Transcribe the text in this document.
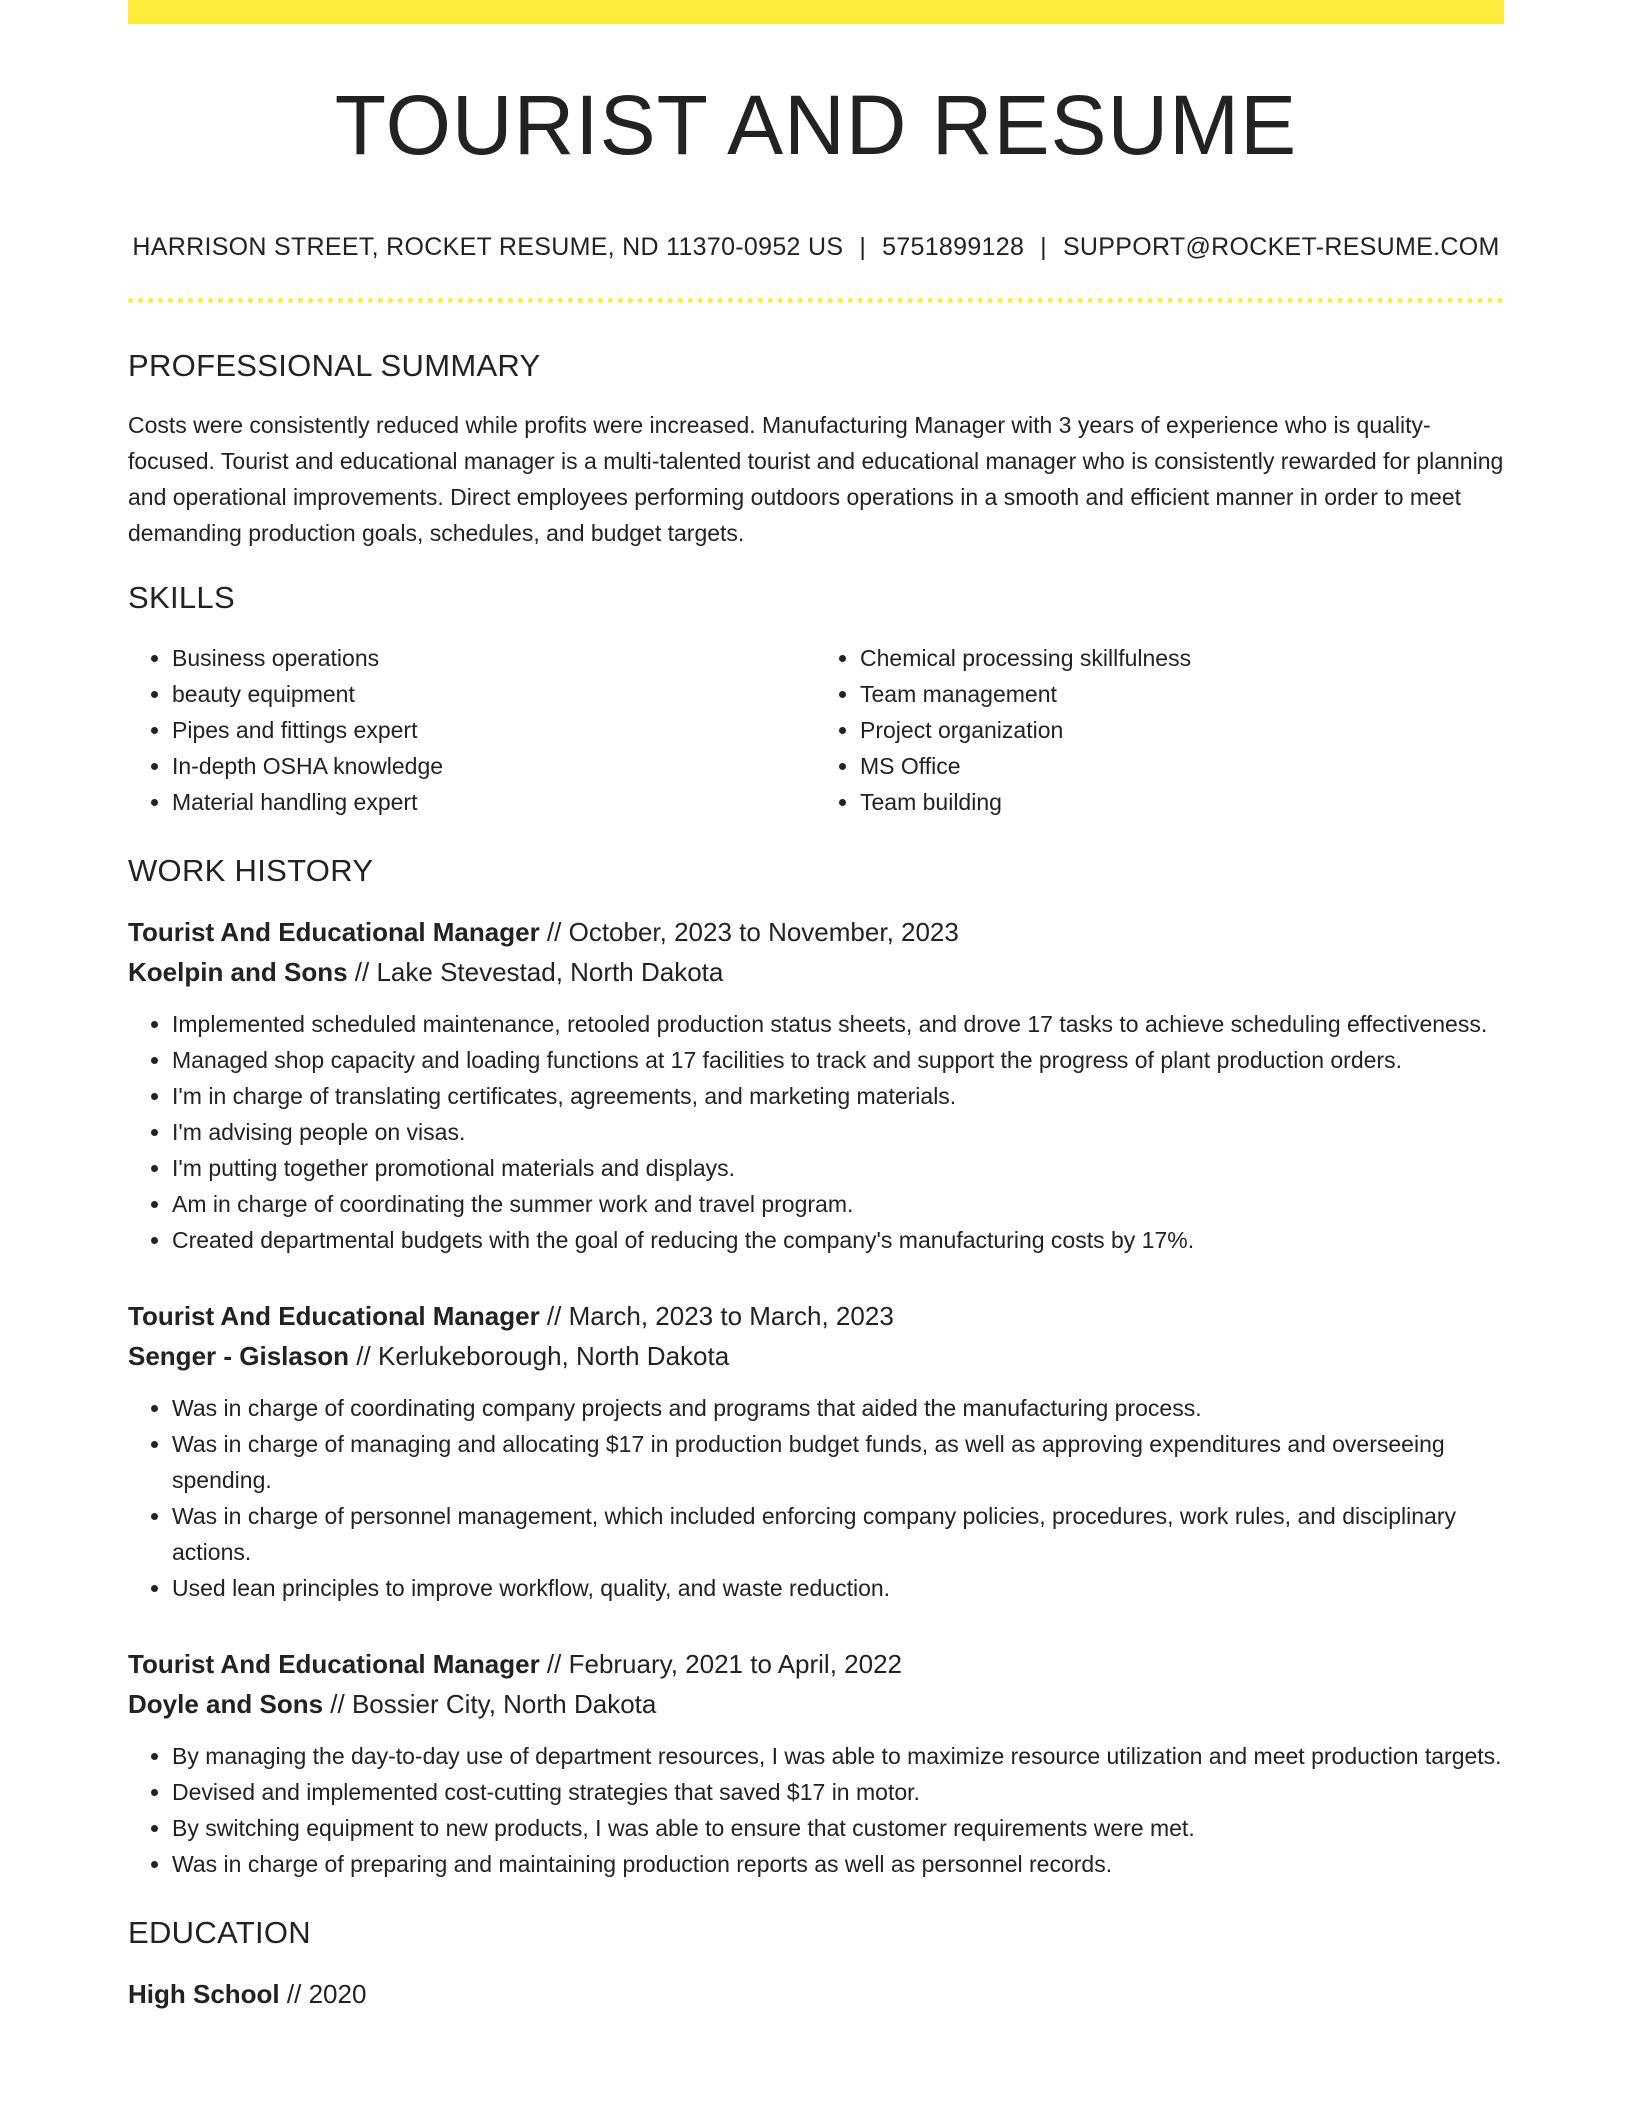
TOURIST AND RESUME
HARRISON STREET, ROCKET RESUME, ND 11370-0952 US | 5751899128 | SUPPORT@ROCKET-RESUME.COM
PROFESSIONAL SUMMARY
Costs were consistently reduced while profits were increased. Manufacturing Manager with 3 years of experience who is quality-focused. Tourist and educational manager is a multi-talented tourist and educational manager who is consistently rewarded for planning and operational improvements. Direct employees performing outdoors operations in a smooth and efficient manner in order to meet demanding production goals, schedules, and budget targets.
SKILLS
• Business operations
• beauty equipment
• Pipes and fittings expert
• In-depth OSHA knowledge
• Material handling expert
• Chemical processing skillfulness
• Team management
• Project organization
• MS Office
• Team building
WORK HISTORY
Tourist And Educational Manager // October, 2023 to November, 2023
Koelpin and Sons // Lake Stevestad, North Dakota
• Implemented scheduled maintenance, retooled production status sheets, and drove 17 tasks to achieve scheduling effectiveness.
• Managed shop capacity and loading functions at 17 facilities to track and support the progress of plant production orders.
• I'm in charge of translating certificates, agreements, and marketing materials.
• I'm advising people on visas.
• I'm putting together promotional materials and displays.
• Am in charge of coordinating the summer work and travel program.
• Created departmental budgets with the goal of reducing the company's manufacturing costs by 17%.
Tourist And Educational Manager // March, 2023 to March, 2023
Senger - Gislason // Kerlukeborough, North Dakota
• Was in charge of coordinating company projects and programs that aided the manufacturing process.
• Was in charge of managing and allocating $17 in production budget funds, as well as approving expenditures and overseeing spending.
• Was in charge of personnel management, which included enforcing company policies, procedures, work rules, and disciplinary actions.
• Used lean principles to improve workflow, quality, and waste reduction.
Tourist And Educational Manager // February, 2021 to April, 2022
Doyle and Sons // Bossier City, North Dakota
• By managing the day-to-day use of department resources, I was able to maximize resource utilization and meet production targets.
• Devised and implemented cost-cutting strategies that saved $17 in motor.
• By switching equipment to new products, I was able to ensure that customer requirements were met.
• Was in charge of preparing and maintaining production reports as well as personnel records.
EDUCATION
High School // 2020
